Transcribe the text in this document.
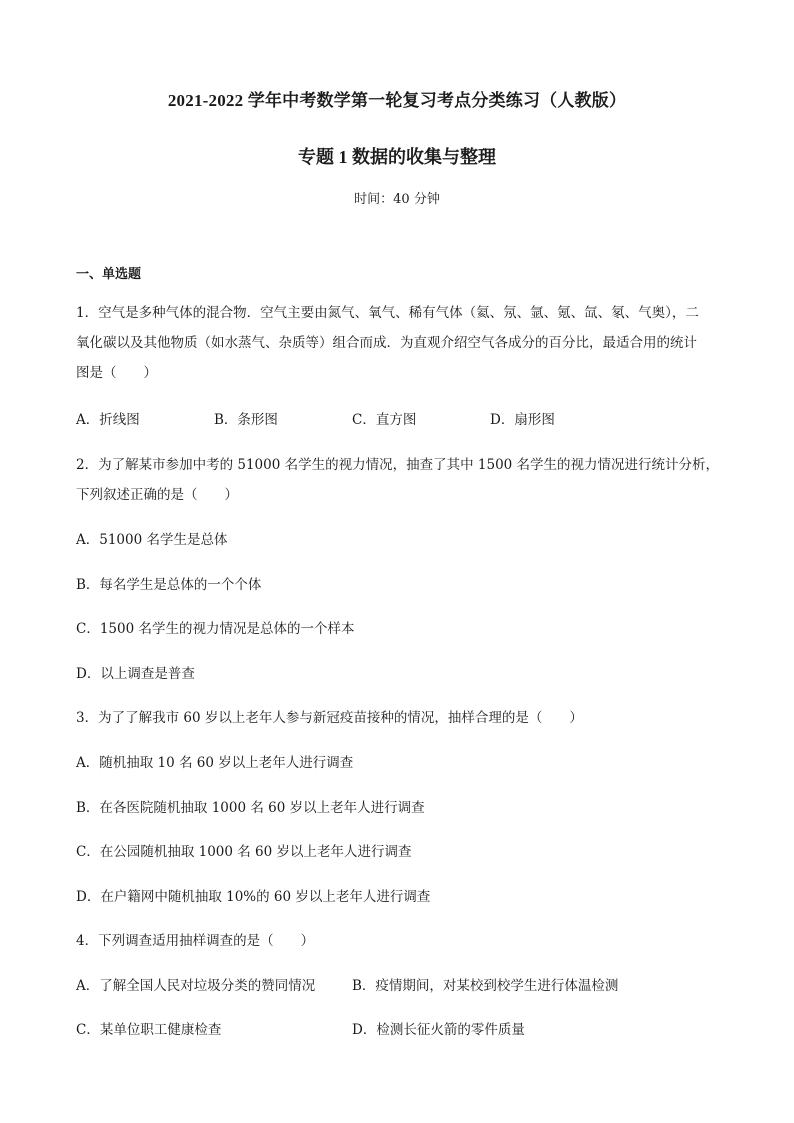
2021-2022 学年中考数学第一轮复习考点分类练习（人教版）
专题 1 数据的收集与整理
时间：40 分钟
一、单选题
1．空气是多种气体的混合物．空气主要由氮气、氧气、稀有气体（氦、氖、氩、氪、氙、氡、气奥），二
氧化碳以及其他物质（如水蒸气、杂质等）组合而成．为直观介绍空气各成分的百分比，最适合用的统计
图是（　　）
A．折线图	B．条形图	C．直方图	D．扇形图
2．为了解某市参加中考的 51000 名学生的视力情况，抽查了其中 1500 名学生的视力情况进行统计分析，
下列叙述正确的是（　　）
A．51000 名学生是总体
B．每名学生是总体的一个个体
C．1500 名学生的视力情况是总体的一个样本
D．以上调查是普查
3．为了了解我市 60 岁以上老年人参与新冠疫苗接种的情况，抽样合理的是（　　）
A．随机抽取 10 名 60 岁以上老年人进行调查
B．在各医院随机抽取 1000 名 60 岁以上老年人进行调查
C．在公园随机抽取 1000 名 60 岁以上老年人进行调查
D．在户籍网中随机抽取 10%的 60 岁以上老年人进行调查
4．下列调查适用抽样调查的是（　　）
A．了解全国人民对垃圾分类的赞同情况	B．疫情期间，对某校到校学生进行体温检测
C．某单位职工健康检查	D．检测长征火箭的零件质量
